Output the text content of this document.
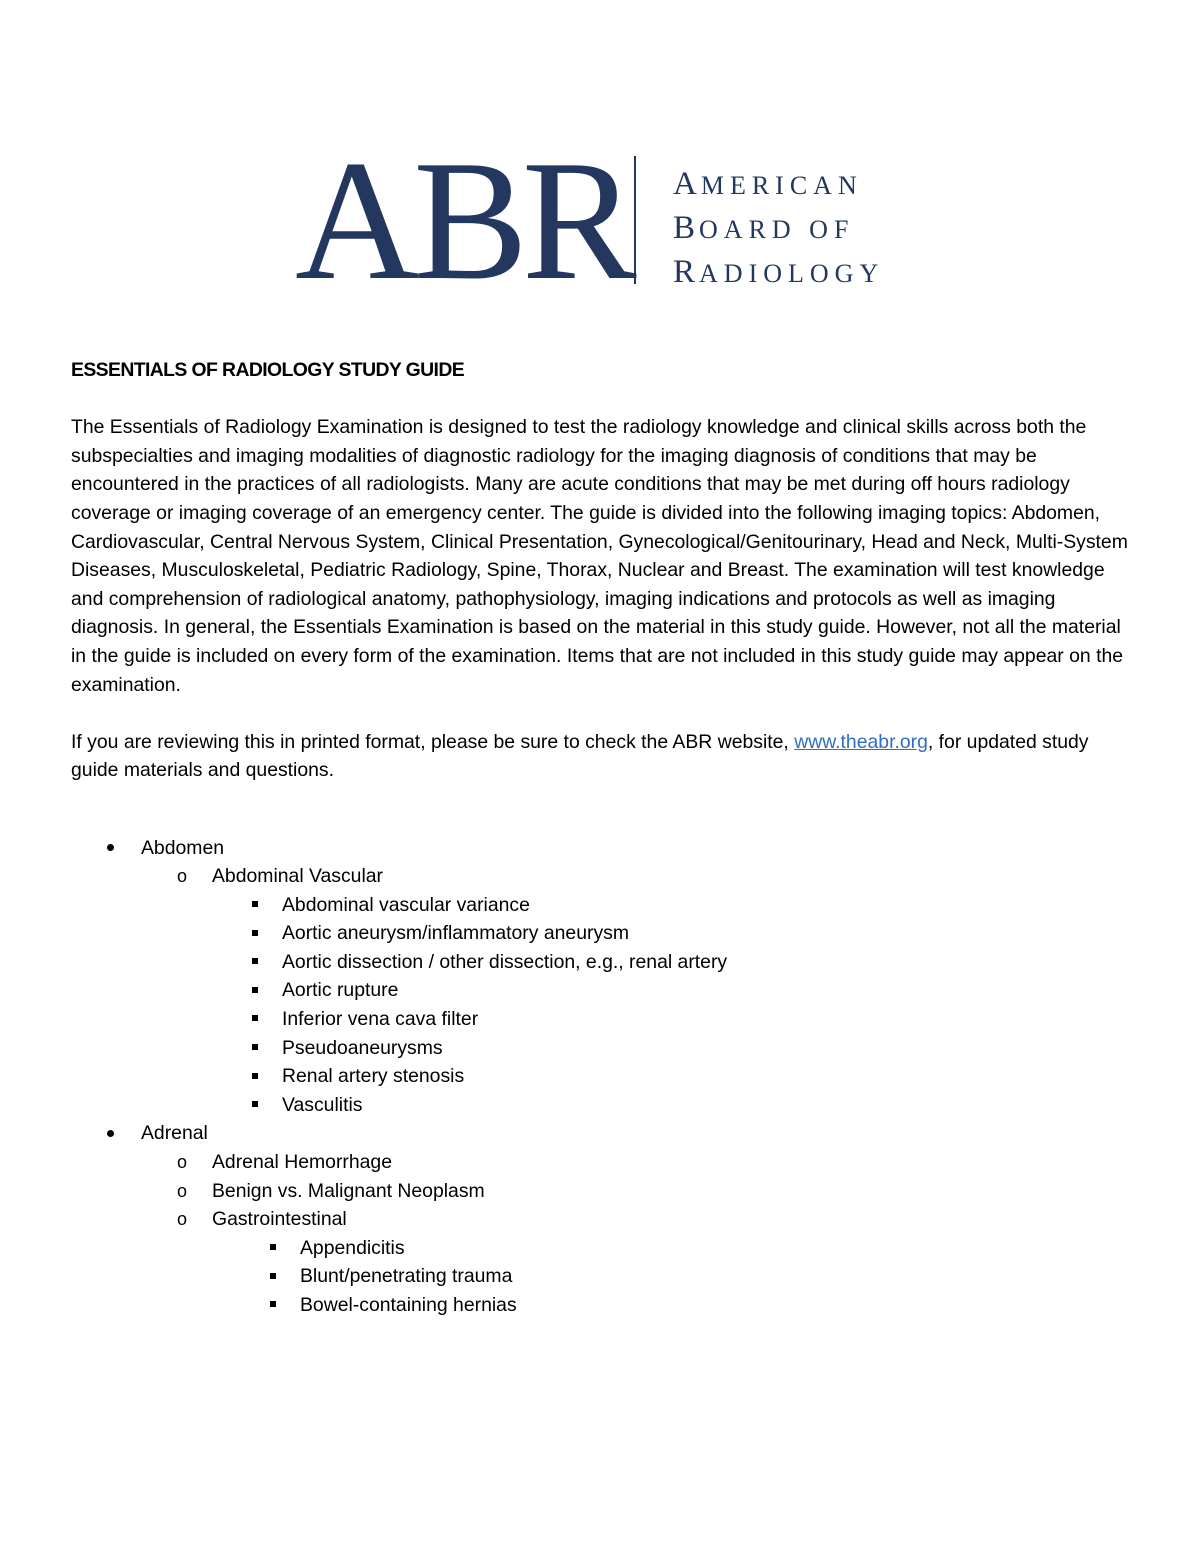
ABR AMERICAN
BOARD OF
RADIOLOGY
ESSENTIALS OF RADIOLOGY STUDY GUIDE
The Essentials of Radiology Examination is designed to test the radiology knowledge and clinical skills across both the subspecialties and imaging modalities of diagnostic radiology for the imaging diagnosis of conditions that may be encountered in the practices of all radiologists. Many are acute conditions that may be met during off hours radiology coverage or imaging coverage of an emergency center. The guide is divided into the following imaging topics: Abdomen, Cardiovascular, Central Nervous System, Clinical Presentation, Gynecological/Genitourinary, Head and Neck, Multi-System Diseases, Musculoskeletal, Pediatric Radiology, Spine, Thorax, Nuclear and Breast. The examination will test knowledge and comprehension of radiological anatomy, pathophysiology, imaging indications and protocols as well as imaging diagnosis. In general, the Essentials Examination is based on the material in this study guide. However, not all the material in the guide is included on every form of the examination. Items that are not included in this study guide may appear on the examination.
If you are reviewing this in printed format, please be sure to check the ABR website, www.theabr.org, for updated study guide materials and questions.
Abdomen
o Abdominal Vascular
Abdominal vascular variance
Aortic aneurysm/inflammatory aneurysm
Aortic dissection / other dissection, e.g., renal artery
Aortic rupture
Inferior vena cava filter
Pseudoaneurysms
Renal artery stenosis
Vasculitis
Adrenal
o Adrenal Hemorrhage
o Benign vs. Malignant Neoplasm
o Gastrointestinal
Appendicitis
Blunt/penetrating trauma
Bowel-containing hernias
